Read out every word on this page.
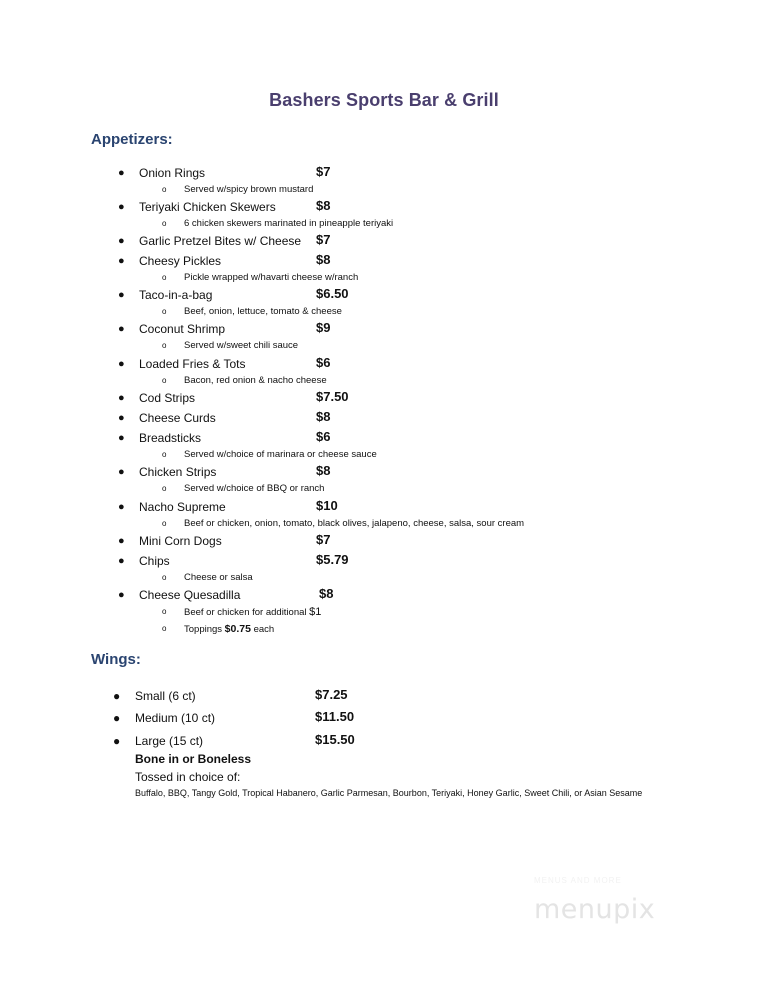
Bashers Sports Bar & Grill
Appetizers:
● Onion Rings	$7
o Served w/spicy brown mustard
● Teriyaki Chicken Skewers	$8
o 6 chicken skewers marinated in pineapple teriyaki
● Garlic Pretzel Bites w/ Cheese $7
● Cheesy Pickles	$8
o Pickle wrapped w/havarti cheese w/ranch
● Taco-in-a-bag	$6.50
o Beef, onion, lettuce, tomato & cheese
● Coconut Shrimp	$9
o Served w/sweet chili sauce
● Loaded Fries & Tots	$6
o Bacon, red onion & nacho cheese
● Cod Strips	$7.50
● Cheese Curds	$8
● Breadsticks	$6
o Served w/choice of marinara or cheese sauce
● Chicken Strips	$8
o Served w/choice of BBQ or ranch
● Nacho Supreme	$10
o Beef or chicken, onion, tomato, black olives, jalapeno, cheese, salsa, sour cream
● Mini Corn Dogs	$7
● Chips	$5.79
o Cheese or salsa
● Cheese Quesadilla	$8
o Beef or chicken for additional $1
o Toppings $0.75 each
Wings:
● Small (6 ct)	$7.25
● Medium (10 ct)	$11.50
● Large (15 ct)	$15.50
Bone in or Boneless
Tossed in choice of:
Buffalo, BBQ, Tangy Gold, Tropical Habanero, Garlic Parmesan, Bourbon, Teriyaki, Honey Garlic, Sweet Chili, or Asian Sesame
MENUS AND MORE
menupix
